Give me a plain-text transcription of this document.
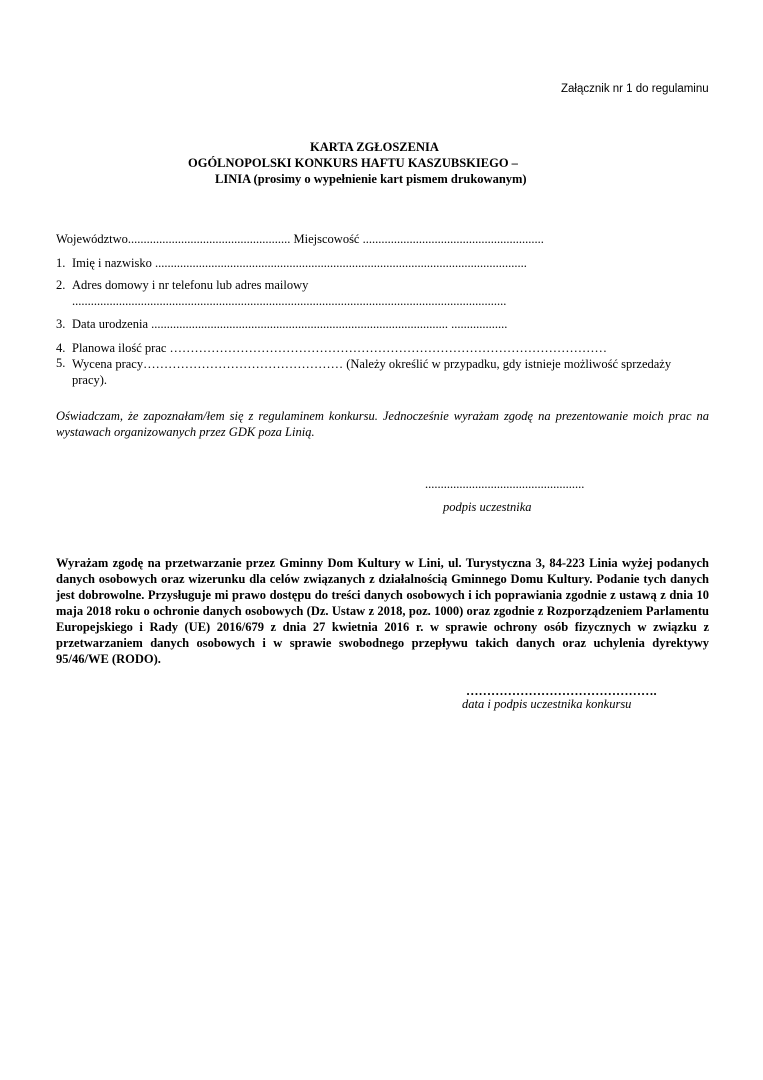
Załącznik nr 1 do regulaminu
KARTA ZGŁOSZENIA
OGÓLNOPOLSKI KONKURS HAFTU KASZUBSKIEGO –
LINIA (prosimy o wypełnienie kart pismem drukowanym)
Województwo.................................................... Miejscowość ..........................................................
1. Imię i nazwisko .......................................................................................................................
2. Adres domowy i nr telefonu lub adres mailowy
...........................................................................................................................................
3. Data urodzenia ............................................................................................... ..................
4. Planowa ilość prac ……………………………………………………………………………………………
5. Wycena pracy………………………………………… (Należy określić w przypadku, gdy istnieje możliwość sprzedaży pracy).
Oświadczam, że zapoznałam/łem się z regulaminem konkursu. Jednocześnie wyrażam zgodę na prezentowanie moich prac na wystawach organizowanych przez GDK poza Linią.
...................................................
podpis uczestnika
Wyrażam zgodę na przetwarzanie przez Gminny Dom Kultury w Lini, ul. Turystyczna 3, 84-223 Linia wyżej podanych danych osobowych oraz wizerunku dla celów związanych z działalnością Gminnego Domu Kultury. Podanie tych danych jest dobrowolne. Przysługuje mi prawo dostępu do treści danych osobowych i ich poprawiania zgodnie z ustawą z dnia 10 maja 2018 roku o ochronie danych osobowych (Dz. Ustaw z 2018, poz. 1000) oraz zgodnie z Rozporządzeniem Parlamentu Europejskiego i Rady (UE) 2016/679 z dnia 27 kwietnia 2016 r. w sprawie ochrony osób fizycznych w związku z przetwarzaniem danych osobowych i w sprawie swobodnego przepływu takich danych oraz uchylenia dyrektywy 95/46/WE (RODO).
……………………………………….
data i podpis uczestnika konkursu
